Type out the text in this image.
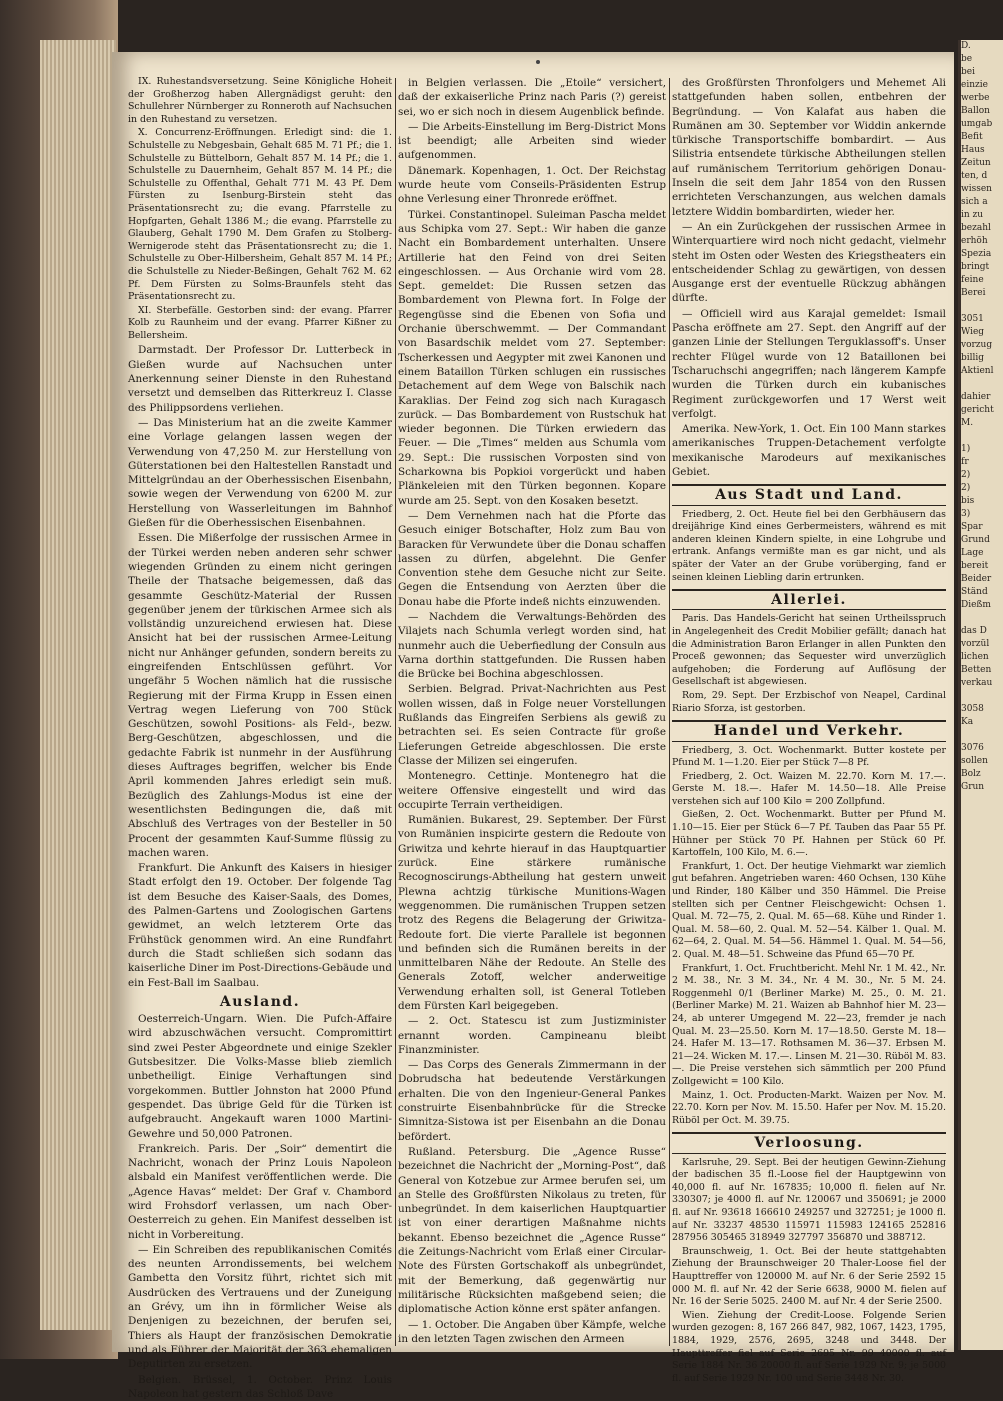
IX. Ruhestandsversetzung. Seine Königliche Hoheit der Großherzog haben Allergnädigst geruht: den Schullehrer Nürnberger zu Ronneroth auf Nachsuchen in den Ruhestand zu versetzen.

X. Concurrenz-Eröffnungen. Erledigt sind: die 1. Schulstelle zu Nebgesbain, Gehalt 685 M. 71 Pf.; die 1. Schulstelle zu Büttelborn, Gehalt 857 M. 14 Pf.; die 1. Schulstelle zu Dauernheim, Gehalt 857 M. 14 Pf.; die Schulstelle zu Offenthal, Gehalt 771 M. 43 Pf. Dem Fürsten zu Isenburg-Birstein steht das Präsentationsrecht zu; die evang. Pfarrstelle zu Hopfgarten, Gehalt 1386 M.; die evang. Pfarrstelle zu Glauberg, Gehalt 1790 M. Dem Grafen zu Stolberg-Wernigerode steht das Präsentationsrecht zu; die 1. Schulstelle zu Ober-Hilbersheim, Gehalt 857 M. 14 Pf.; die Schulstelle zu Nieder-Beßingen, Gehalt 762 M. 62 Pf. Dem Fürsten zu Solms-Braunfels steht das Präsentationsrecht zu.

XI. Sterbefälle. Gestorben sind: der evang. Pfarrer Kolb zu Raunheim und der evang. Pfarrer Kißner zu Bellersheim.

Darmstadt. Der Professor Dr. Lutterbeck in Gießen wurde auf Nachsuchen unter Anerkennung seiner Dienste in den Ruhestand versetzt und demselben das Ritterkreuz I. Classe des Philippsordens verliehen.

— Das Ministerium hat an die zweite Kammer eine Vorlage gelangen lassen wegen der Verwendung von 47,250 M. zur Herstellung von Güterstationen bei den Haltestellen Ranstadt und Mittelgründau an der Oberhessischen Eisenbahn, sowie wegen der Verwendung von 6200 M. zur Herstellung von Wasserleitungen im Bahnhof Gießen für die Oberhessischen Eisenbahnen.

Essen. Die Mißerfolge der russischen Armee in der Türkei werden neben anderen sehr schwer wiegenden Gründen zu einem nicht geringen Theile der Thatsache beigemessen, daß das gesammte Geschütz-Material der Russen gegenüber jenem der türkischen Armee sich als vollständig unzureichend erwiesen hat. Diese Ansicht hat bei der russischen Armee-Leitung nicht nur Anhänger gefunden, sondern bereits zu eingreifenden Entschlüssen geführt. Vor ungefähr 5 Wochen nämlich hat die russische Regierung mit der Firma Krupp in Essen einen Vertrag wegen Lieferung von 700 Stück Geschützen, sowohl Positions- als Feld-, bezw. Berg-Geschützen, abgeschlossen, und die gedachte Fabrik ist nunmehr in der Ausführung dieses Auftrages begriffen, welcher bis Ende April kommenden Jahres erledigt sein muß. Bezüglich des Zahlungs-Modus ist eine der wesentlichsten Bedingungen die, daß mit Abschluß des Vertrages von der Besteller in 50 Procent der gesammten Kauf-Summe flüssig zu machen waren.

Frankfurt. Die Ankunft des Kaisers in hiesiger Stadt erfolgt den 19. October. Der folgende Tag ist dem Besuche des Kaiser-Saals, des Domes, des Palmen-Gartens und Zoologischen Gartens gewidmet, an welch letzterem Orte das Frühstück genommen wird. An eine Rundfahrt durch die Stadt schließen sich sodann das kaiserliche Diner im Post-Directions-Gebäude und ein Fest-Ball im Saalbau.

Ausland.

Oesterreich-Ungarn. Wien. Die Pufch-Affaire wird abzuschwächen versucht. Compromittirt sind zwei Pester Abgeordnete und einige Szekler Gutsbesitzer. Die Volks-Masse blieb ziemlich unbetheiligt. Einige Verhaftungen sind vorgekommen. Buttler Johnston hat 2000 Pfund gespendet. Das übrige Geld für die Türken ist aufgebraucht. Angekauft waren 1000 Martini-Gewehre und 50,000 Patronen.

Frankreich. Paris. Der „Soir“ dementirt die Nachricht, wonach der Prinz Louis Napoleon alsbald ein Manifest veröffentlichen werde. Die „Agence Havas“ meldet: Der Graf v. Chambord wird Frohsdorf verlassen, um nach Ober-Oesterreich zu gehen. Ein Manifest desselben ist nicht in Vorbereitung.

— Ein Schreiben des republikanischen Comités des neunten Arrondissements, bei welchem Gambetta den Vorsitz führt, richtet sich mit Ausdrücken des Vertrauens und der Zuneigung an Grévy, um ihn in förmlicher Weise als Denjenigen zu bezeichnen, der berufen sei, Thiers als Haupt der französischen Demokratie und als Führer der Majorität der 363 ehemaligen Deputirten zu ersetzen.

Belgien. Brüssel, 1. October. Prinz Louis Napoleon hat gestern das Schloß Dave

in Belgien verlassen. Die „Etoile“ versichert, daß der exkaiserliche Prinz nach Paris (?) gereist sei, wo er sich noch in diesem Augenblick befinde.

— Die Arbeits-Einstellung im Berg-District Mons ist beendigt; alle Arbeiten sind wieder aufgenommen.

Dänemark. Kopenhagen, 1. Oct. Der Reichstag wurde heute vom Conseils-Präsidenten Estrup ohne Verlesung einer Thronrede eröffnet.

Türkei. Constantinopel. Suleiman Pascha meldet aus Schipka vom 27. Sept.: Wir haben die ganze Nacht ein Bombardement unterhalten. Unsere Artillerie hat den Feind von drei Seiten eingeschlossen. — Aus Orchanie wird vom 28. Sept. gemeldet: Die Russen setzen das Bombardement von Plewna fort. In Folge der Regengüsse sind die Ebenen von Sofia und Orchanie überschwemmt. — Der Commandant von Basardschik meldet vom 27. September: Tscherkessen und Aegypter mit zwei Kanonen und einem Bataillon Türken schlugen ein russisches Detachement auf dem Wege von Balschik nach Karaklias. Der Feind zog sich nach Kuragasch zurück. — Das Bombardement von Rustschuk hat wieder begonnen. Die Türken erwiedern das Feuer. — Die „Times“ melden aus Schumla vom 29. Sept.: Die russischen Vorposten sind von Scharkowna bis Popkioi vorgerückt und haben Plänkeleien mit den Türken begonnen. Kopare wurde am 25. Sept. von den Kosaken besetzt.

— Dem Vernehmen nach hat die Pforte das Gesuch einiger Botschafter, Holz zum Bau von Baracken für Verwundete über die Donau schaffen lassen zu dürfen, abgelehnt. Die Genfer Convention stehe dem Gesuche nicht zur Seite. Gegen die Entsendung von Aerzten über die Donau habe die Pforte indeß nichts einzuwenden.

— Nachdem die Verwaltungs-Behörden des Vilajets nach Schumla verlegt worden sind, hat nunmehr auch die Ueberfiedlung der Consuln aus Varna dorthin stattgefunden. Die Russen haben die Brücke bei Bochina abgeschlossen.

Serbien. Belgrad. Privat-Nachrichten aus Pest wollen wissen, daß in Folge neuer Vorstellungen Rußlands das Eingreifen Serbiens als gewiß zu betrachten sei. Es seien Contracte für große Lieferungen Getreide abgeschlossen. Die erste Classe der Milizen sei eingerufen.

Montenegro. Cettinje. Montenegro hat die weitere Offensive eingestellt und wird das occupirte Terrain vertheidigen.

Rumänien. Bukarest, 29. September. Der Fürst von Rumänien inspicirte gestern die Redoute von Griwitza und kehrte hierauf in das Hauptquartier zurück. Eine stärkere rumänische Recognoscirungs-Abtheilung hat gestern unweit Plewna achtzig türkische Munitions-Wagen weggenommen. Die rumänischen Truppen setzen trotz des Regens die Belagerung der Griwitza-Redoute fort. Die vierte Parallele ist begonnen und befinden sich die Rumänen bereits in der unmittelbaren Nähe der Redoute. An Stelle des Generals Zotoff, welcher anderweitige Verwendung erhalten soll, ist General Totleben dem Fürsten Karl beigegeben.

— 2. Oct. Statescu ist zum Justizminister ernannt worden. Campineanu bleibt Finanzminister.

— Das Corps des Generals Zimmermann in der Dobrudscha hat bedeutende Verstärkungen erhalten. Die von den Ingenieur-General Pankes construirte Eisenbahnbrücke für die Strecke Simnitza-Sistowa ist per Eisenbahn an die Donau befördert.

Rußland. Petersburg. Die „Agence Russe“ bezeichnet die Nachricht der „Morning-Post“, daß General von Kotzebue zur Armee berufen sei, um an Stelle des Großfürsten Nikolaus zu treten, für unbegründet. In dem kaiserlichen Hauptquartier ist von einer derartigen Maßnahme nichts bekannt. Ebenso bezeichnet die „Agence Russe“ die Zeitungs-Nachricht vom Erlaß einer Circular-Note des Fürsten Gortschakoff als unbegründet, mit der Bemerkung, daß gegenwärtig nur militärische Rücksichten maßgebend seien; die diplomatische Action könne erst später anfangen.

— 1. October. Die Angaben über Kämpfe, welche in den letzten Tagen zwischen den Armeen

des Großfürsten Thronfolgers und Mehemet Ali stattgefunden haben sollen, entbehren der Begründung. — Von Kalafat aus haben die Rumänen am 30. September vor Widdin ankernde türkische Transportschiffe bombardirt. — Aus Silistria entsendete türkische Abtheilungen stellen auf rumänischem Territorium gehörigen Donau-Inseln die seit dem Jahr 1854 von den Russen errichteten Verschanzungen, aus welchen damals letztere Widdin bombardirten, wieder her.

— An ein Zurückgehen der russischen Armee in Winterquartiere wird noch nicht gedacht, vielmehr steht im Osten oder Westen des Kriegstheaters ein entscheidender Schlag zu gewärtigen, von dessen Ausgange erst der eventuelle Rückzug abhängen dürfte.

— Officiell wird aus Karajal gemeldet: Ismail Pascha eröffnete am 27. Sept. den Angriff auf der ganzen Linie der Stellungen Terguklassoff's. Unser rechter Flügel wurde von 12 Bataillonen bei Tscharuchschi angegriffen; nach längerem Kampfe wurden die Türken durch ein kubanisches Regiment zurückgeworfen und 17 Werst weit verfolgt.

Amerika. New-York, 1. Oct. Ein 100 Mann starkes amerikanisches Truppen-Detachement verfolgte mexikanische Marodeurs auf mexikanisches Gebiet.

Aus Stadt und Land.

Friedberg, 2. Oct. Heute fiel bei den Gerbhäusern das dreijährige Kind eines Gerbermeisters, während es mit anderen kleinen Kindern spielte, in eine Lohgrube und ertrank. Anfangs vermißte man es gar nicht, und als später der Vater an der Grube vorüberging, fand er seinen kleinen Liebling darin ertrunken.

Allerlei.

Paris. Das Handels-Gericht hat seinen Urtheilsspruch in Angelegenheit des Credit Mobilier gefällt; danach hat die Administration Baron Erlanger in allen Punkten den Proceß gewonnen; das Sequester wird unverzüglich aufgehoben; die Forderung auf Auflösung der Gesellschaft ist abgewiesen.

Rom, 29. Sept. Der Erzbischof von Neapel, Cardinal Riario Sforza, ist gestorben.

Handel und Verkehr.

Friedberg, 3. Oct. Wochenmarkt. Butter kostete per Pfund M. 1—1.20. Eier per Stück 7—8 Pf.

Friedberg, 2. Oct. Waizen M. 22.70. Korn M. 17.—. Gerste M. 18.—. Hafer M. 14.50—18. Alle Preise verstehen sich auf 100 Kilo = 200 Zollpfund.

Gießen, 2. Oct. Wochenmarkt. Butter per Pfund M. 1.10—15. Eier per Stück 6—7 Pf. Tauben das Paar 55 Pf. Hühner per Stück 70 Pf. Hahnen per Stück 60 Pf. Kartoffeln, 100 Kilo, M. 6.—.

Frankfurt, 1. Oct. Der heutige Viehmarkt war ziemlich gut befahren. Angetrieben waren: 460 Ochsen, 130 Kühe und Rinder, 180 Kälber und 350 Hämmel. Die Preise stellten sich per Centner Fleischgewicht: Ochsen 1. Qual. M. 72—75, 2. Qual. M. 65—68. Kühe und Rinder 1. Qual. M. 58—60, 2. Qual. M. 52—54. Kälber 1. Qual. M. 62—64, 2. Qual. M. 54—56. Hämmel 1. Qual. M. 54—56, 2. Qual. M. 48—51. Schweine das Pfund 65—70 Pf.

Frankfurt, 1. Oct. Fruchtbericht. Mehl Nr. 1 M. 42., Nr. 2 M. 38., Nr. 3 M. 34., Nr. 4 M. 30., Nr. 5 M. 24. Roggenmehl 0/1 (Berliner Marke) M. 25., 0. M. 21. (Berliner Marke) M. 21. Waizen ab Bahnhof hier M. 23—24, ab unterer Umgegend M. 22—23, fremder je nach Qual. M. 23—25.50. Korn M. 17—18.50. Gerste M. 18—24. Hafer M. 13—17. Rothsamen M. 36—37. Erbsen M. 21—24. Wicken M. 17.—. Linsen M. 21—30. Rüböl M. 83.—. Die Preise verstehen sich sämmtlich per 200 Pfund Zollgewicht = 100 Kilo.

Mainz, 1. Oct. Producten-Markt. Waizen per Nov. M. 22.70. Korn per Nov. M. 15.50. Hafer per Nov. M. 15.20. Rüböl per Oct. M. 39.75.

Verloosung.

Karlsruhe, 29. Sept. Bei der heutigen Gewinn-Ziehung der badischen 35 fl.-Loose fiel der Hauptgewinn von 40,000 fl. auf Nr. 167835; 10,000 fl. fielen auf Nr. 330307; je 4000 fl. auf Nr. 120067 und 350691; je 2000 fl. auf Nr. 93618 166610 249257 und 327251; je 1000 fl. auf Nr. 33237 48530 115971 115983 124165 252816 287956 305465 318949 327797 356870 und 388712.

Braunschweig, 1. Oct. Bei der heute stattgehabten Ziehung der Braunschweiger 20 Thaler-Loose fiel der Haupttreffer von 120000 M. auf Nr. 6 der Serie 2592 15 000 M. fl. auf Nr. 42 der Serie 6638, 9000 M. fielen auf Nr. 16 der Serie 5025. 2400 M. auf Nr. 4 der Serie 2500.

Wien. Ziehung der Credit-Loose. Folgende Serien wurden gezogen: 8, 167 266 847, 982, 1067, 1423, 1795, 1884, 1929, 2576, 2695, 3248 und 3448. Der Haupttreffer fiel auf Serie 2695 Nr. 99 40000 fl. auf Serie 1884 Nr. 36 20000 fl. auf Serie 1929 Nr. 9; je 5000 fl. auf Serie 1929 Nr. 100 und Serie 3448 Nr. 30.

D.
be
bei
einzie
werbe
Ballon
umgab
Befit
Haus
Zeitun
ten, d
wissen
sich a
in zu
bezahl
erhöh
Spezia
bringt
feine
Berei

3051
Wieg
vorzug
billig
Aktienl

dahier
gericht
M.

1)
fr
2)
2)
bis
3)
Spar
Grund
Lage
bereit
Beider
Ständ
Dießm

das D
vorzül
lichen
Betten
verkau

3058
Ka

3076
sollen
Bolz
Grun
